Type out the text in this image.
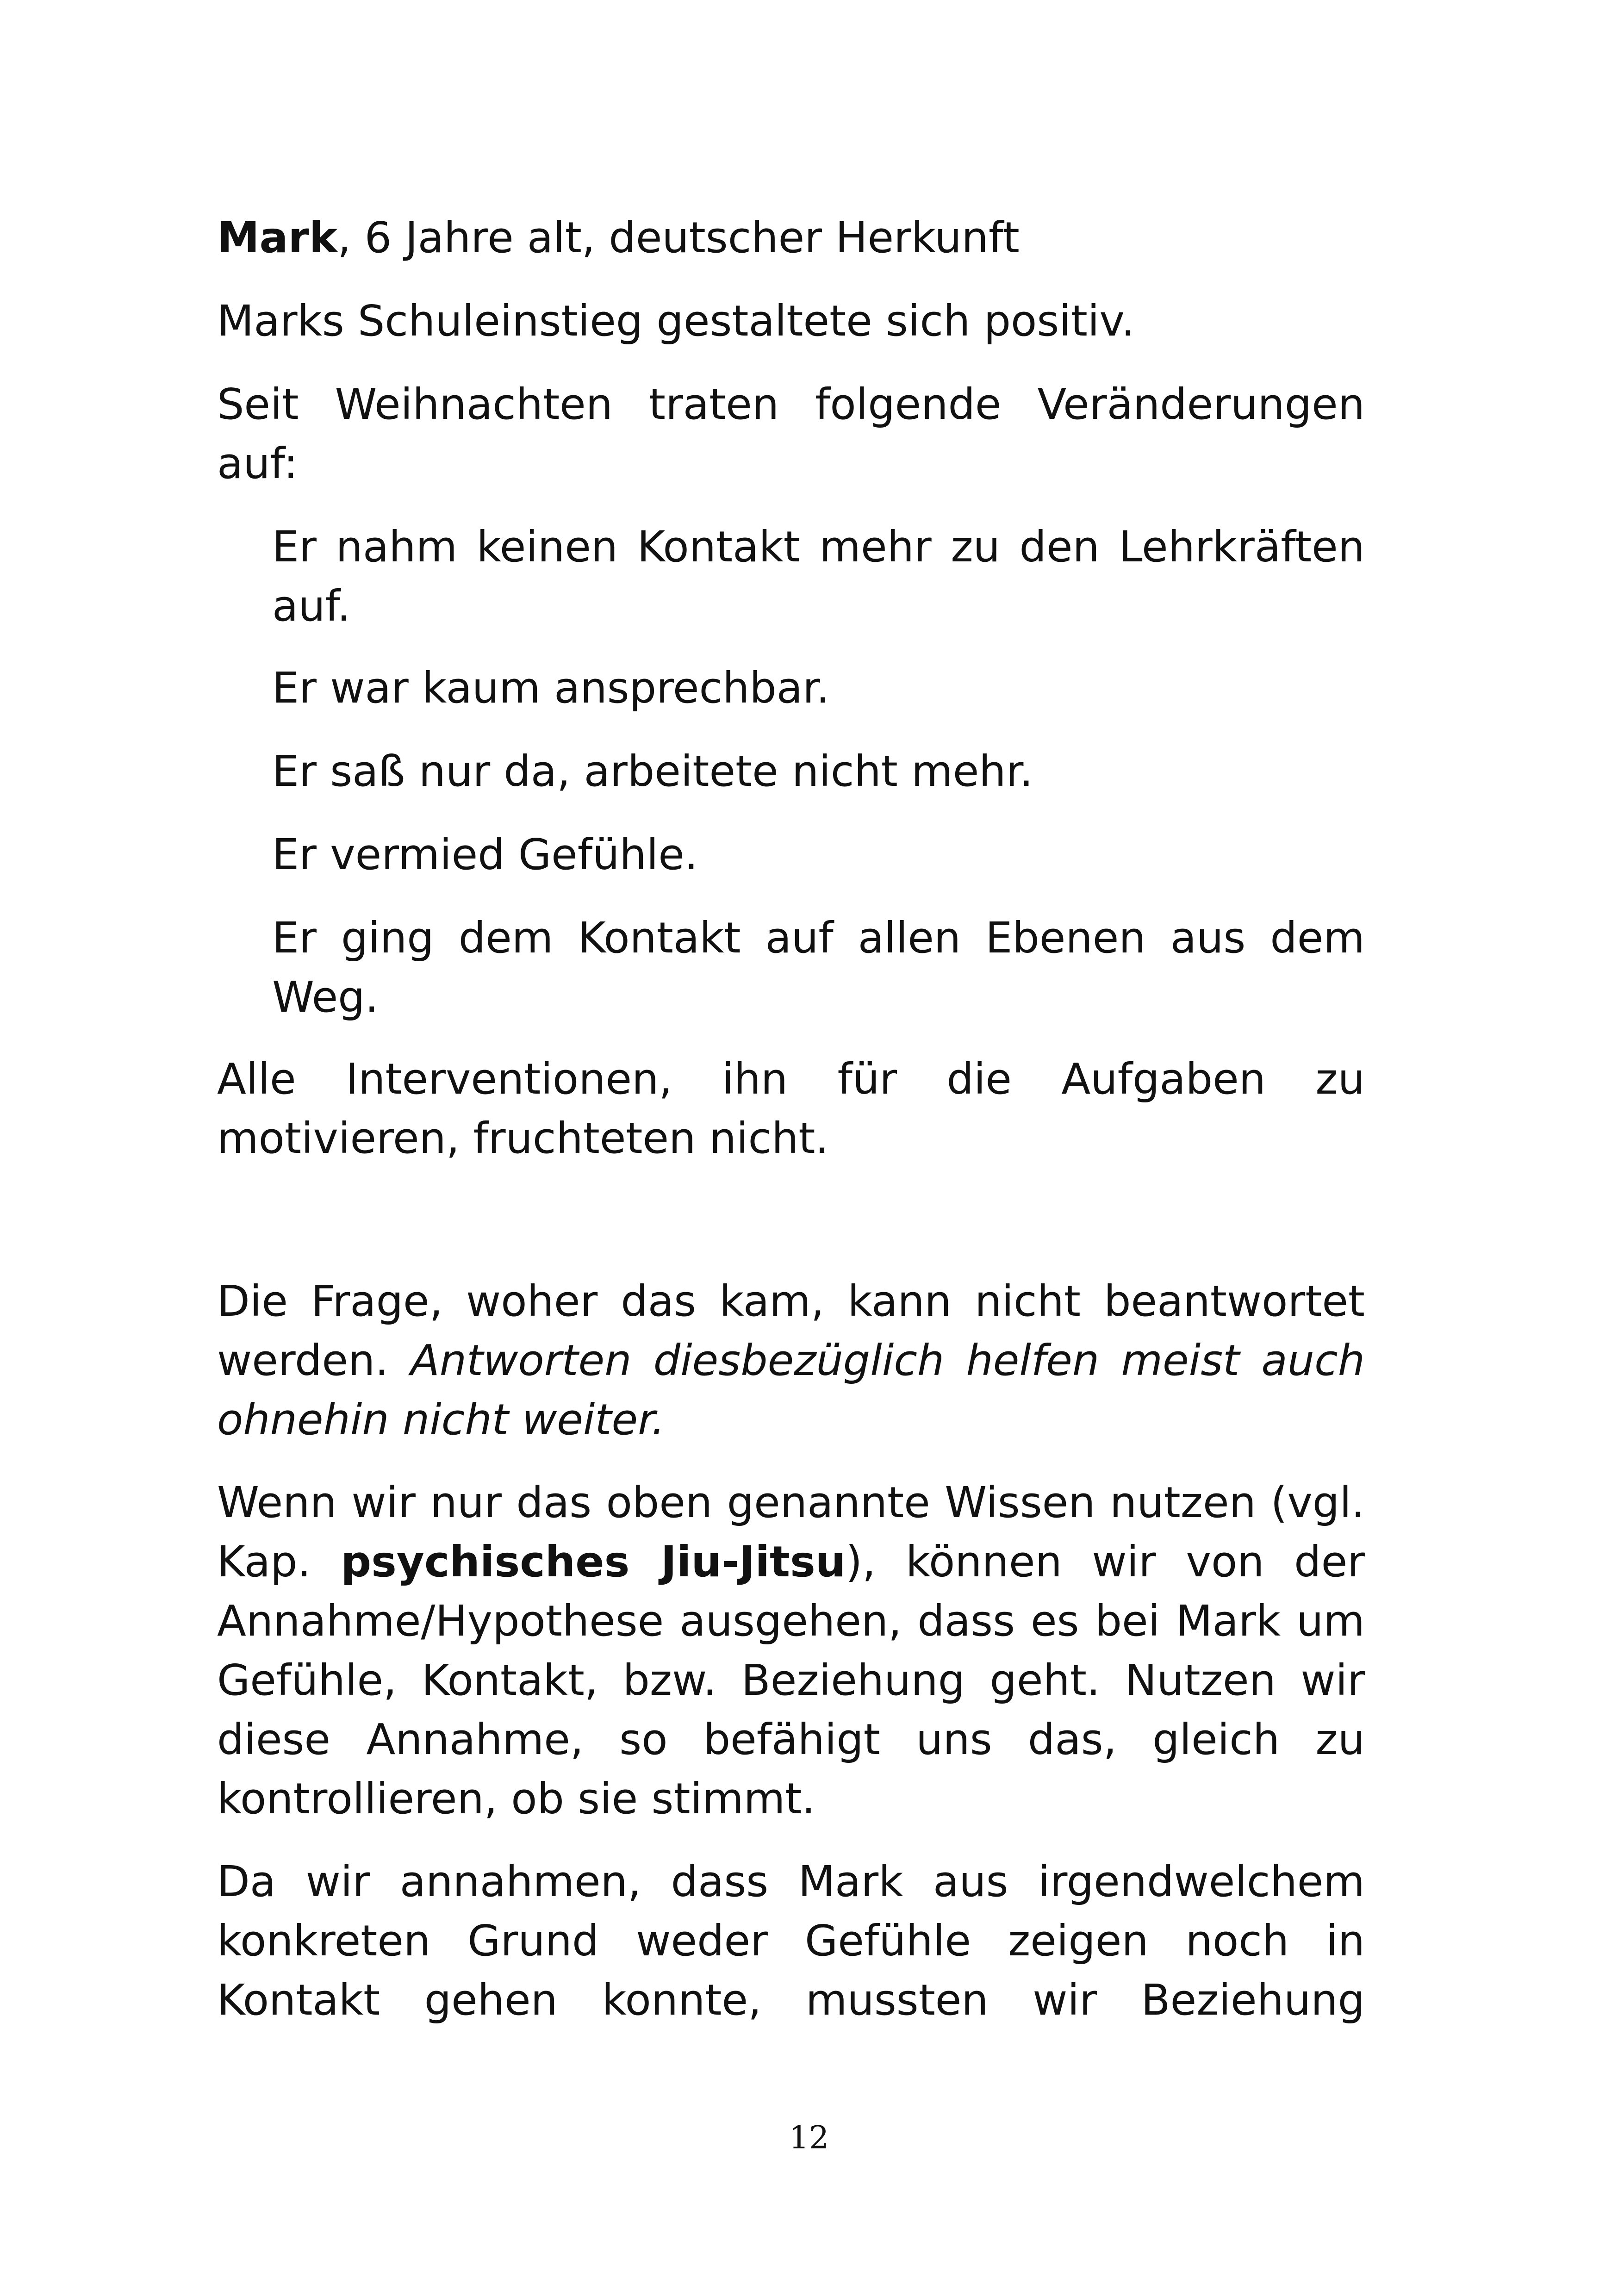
Mark, 6 Jahre alt, deutscher Herkunft
Marks Schuleinstieg gestaltete sich positiv.
Seit Weihnachten traten folgende Veränderungen auf:
Er nahm keinen Kontakt mehr zu den Lehrkräften auf.
Er war kaum ansprechbar.
Er saß nur da, arbeitete nicht mehr.
Er vermied Gefühle.
Er ging dem Kontakt auf allen Ebenen aus dem Weg.
Alle Interventionen, ihn für die Aufgaben zu motivieren, fruchteten nicht.
Die Frage, woher das kam, kann nicht beantwortet werden. Antworten diesbezüglich helfen meist auch ohnehin nicht weiter.
Wenn wir nur das oben genannte Wissen nutzen (vgl. Kap. psychisches Jiu-Jitsu), können wir von der Annahme/Hypothese ausgehen, dass es bei Mark um Gefühle, Kontakt, bzw. Beziehung geht. Nutzen wir diese Annahme, so befähigt uns das, gleich zu kontrollieren, ob sie stimmt.
Da wir annahmen, dass Mark aus irgendwelchem konkreten Grund weder Gefühle zeigen noch in Kontakt gehen konnte, mussten wir Beziehung
12
